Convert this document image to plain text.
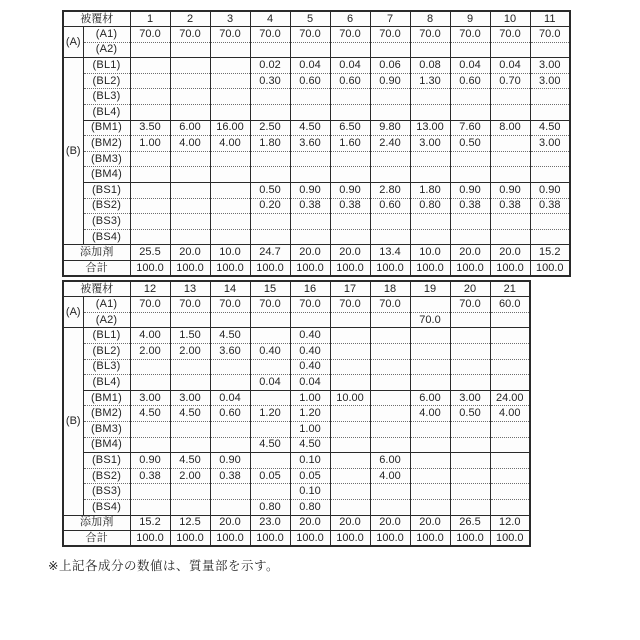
被覆材		1	2	3	4	5	6	7	8	9	10	11
(A)	(A1)	70.0	70.0	70.0	70.0	70.0	70.0	70.0	70.0	70.0	70.0	70.0
	(A2)											
(B)	(BL1)				0.02	0.04	0.04	0.06	0.08	0.04	0.04	3.00
	(BL2)				0.30	0.60	0.60	0.90	1.30	0.60	0.70	3.00
	(BL3)											
	(BL4)											
	(BM1)	3.50	6.00	16.00	2.50	4.50	6.50	9.80	13.00	7.60	8.00	4.50
	(BM2)	1.00	4.00	4.00	1.80	3.60	1.60	2.40	3.00	0.50		3.00
	(BM3)											
	(BM4)											
	(BS1)				0.50	0.90	0.90	2.80	1.80	0.90	0.90	0.90
	(BS2)				0.20	0.38	0.38	0.60	0.80	0.38	0.38	0.38
	(BS3)											
	(BS4)											
添加剤		25.5	20.0	10.0	24.7	20.0	20.0	13.4	10.0	20.0	20.0	15.2
合計		100.0	100.0	100.0	100.0	100.0	100.0	100.0	100.0	100.0	100.0	100.0
被覆材		12	13	14	15	16	17	18	19	20	21
(A)	(A1)	70.0	70.0	70.0	70.0	70.0	70.0	70.0		70.0	60.0
	(A2)								70.0		
(B)	(BL1)	4.00	1.50	4.50		0.40					
	(BL2)	2.00	2.00	3.60	0.40	0.40					
	(BL3)					0.40					
	(BL4)				0.04	0.04					
	(BM1)	3.00	3.00	0.04		1.00	10.00		6.00	3.00	24.00
	(BM2)	4.50	4.50	0.60	1.20	1.20			4.00	0.50	4.00
	(BM3)					1.00					
	(BM4)				4.50	4.50					
	(BS1)	0.90	4.50	0.90		0.10		6.00			
	(BS2)	0.38	2.00	0.38	0.05	0.05		4.00			
	(BS3)					0.10					
	(BS4)				0.80	0.80					
添加剤		15.2	12.5	20.0	23.0	20.0	20.0	20.0	20.0	26.5	12.0
合計		100.0	100.0	100.0	100.0	100.0	100.0	100.0	100.0	100.0	100.0
※上記各成分の数値は、質量部を示す。
